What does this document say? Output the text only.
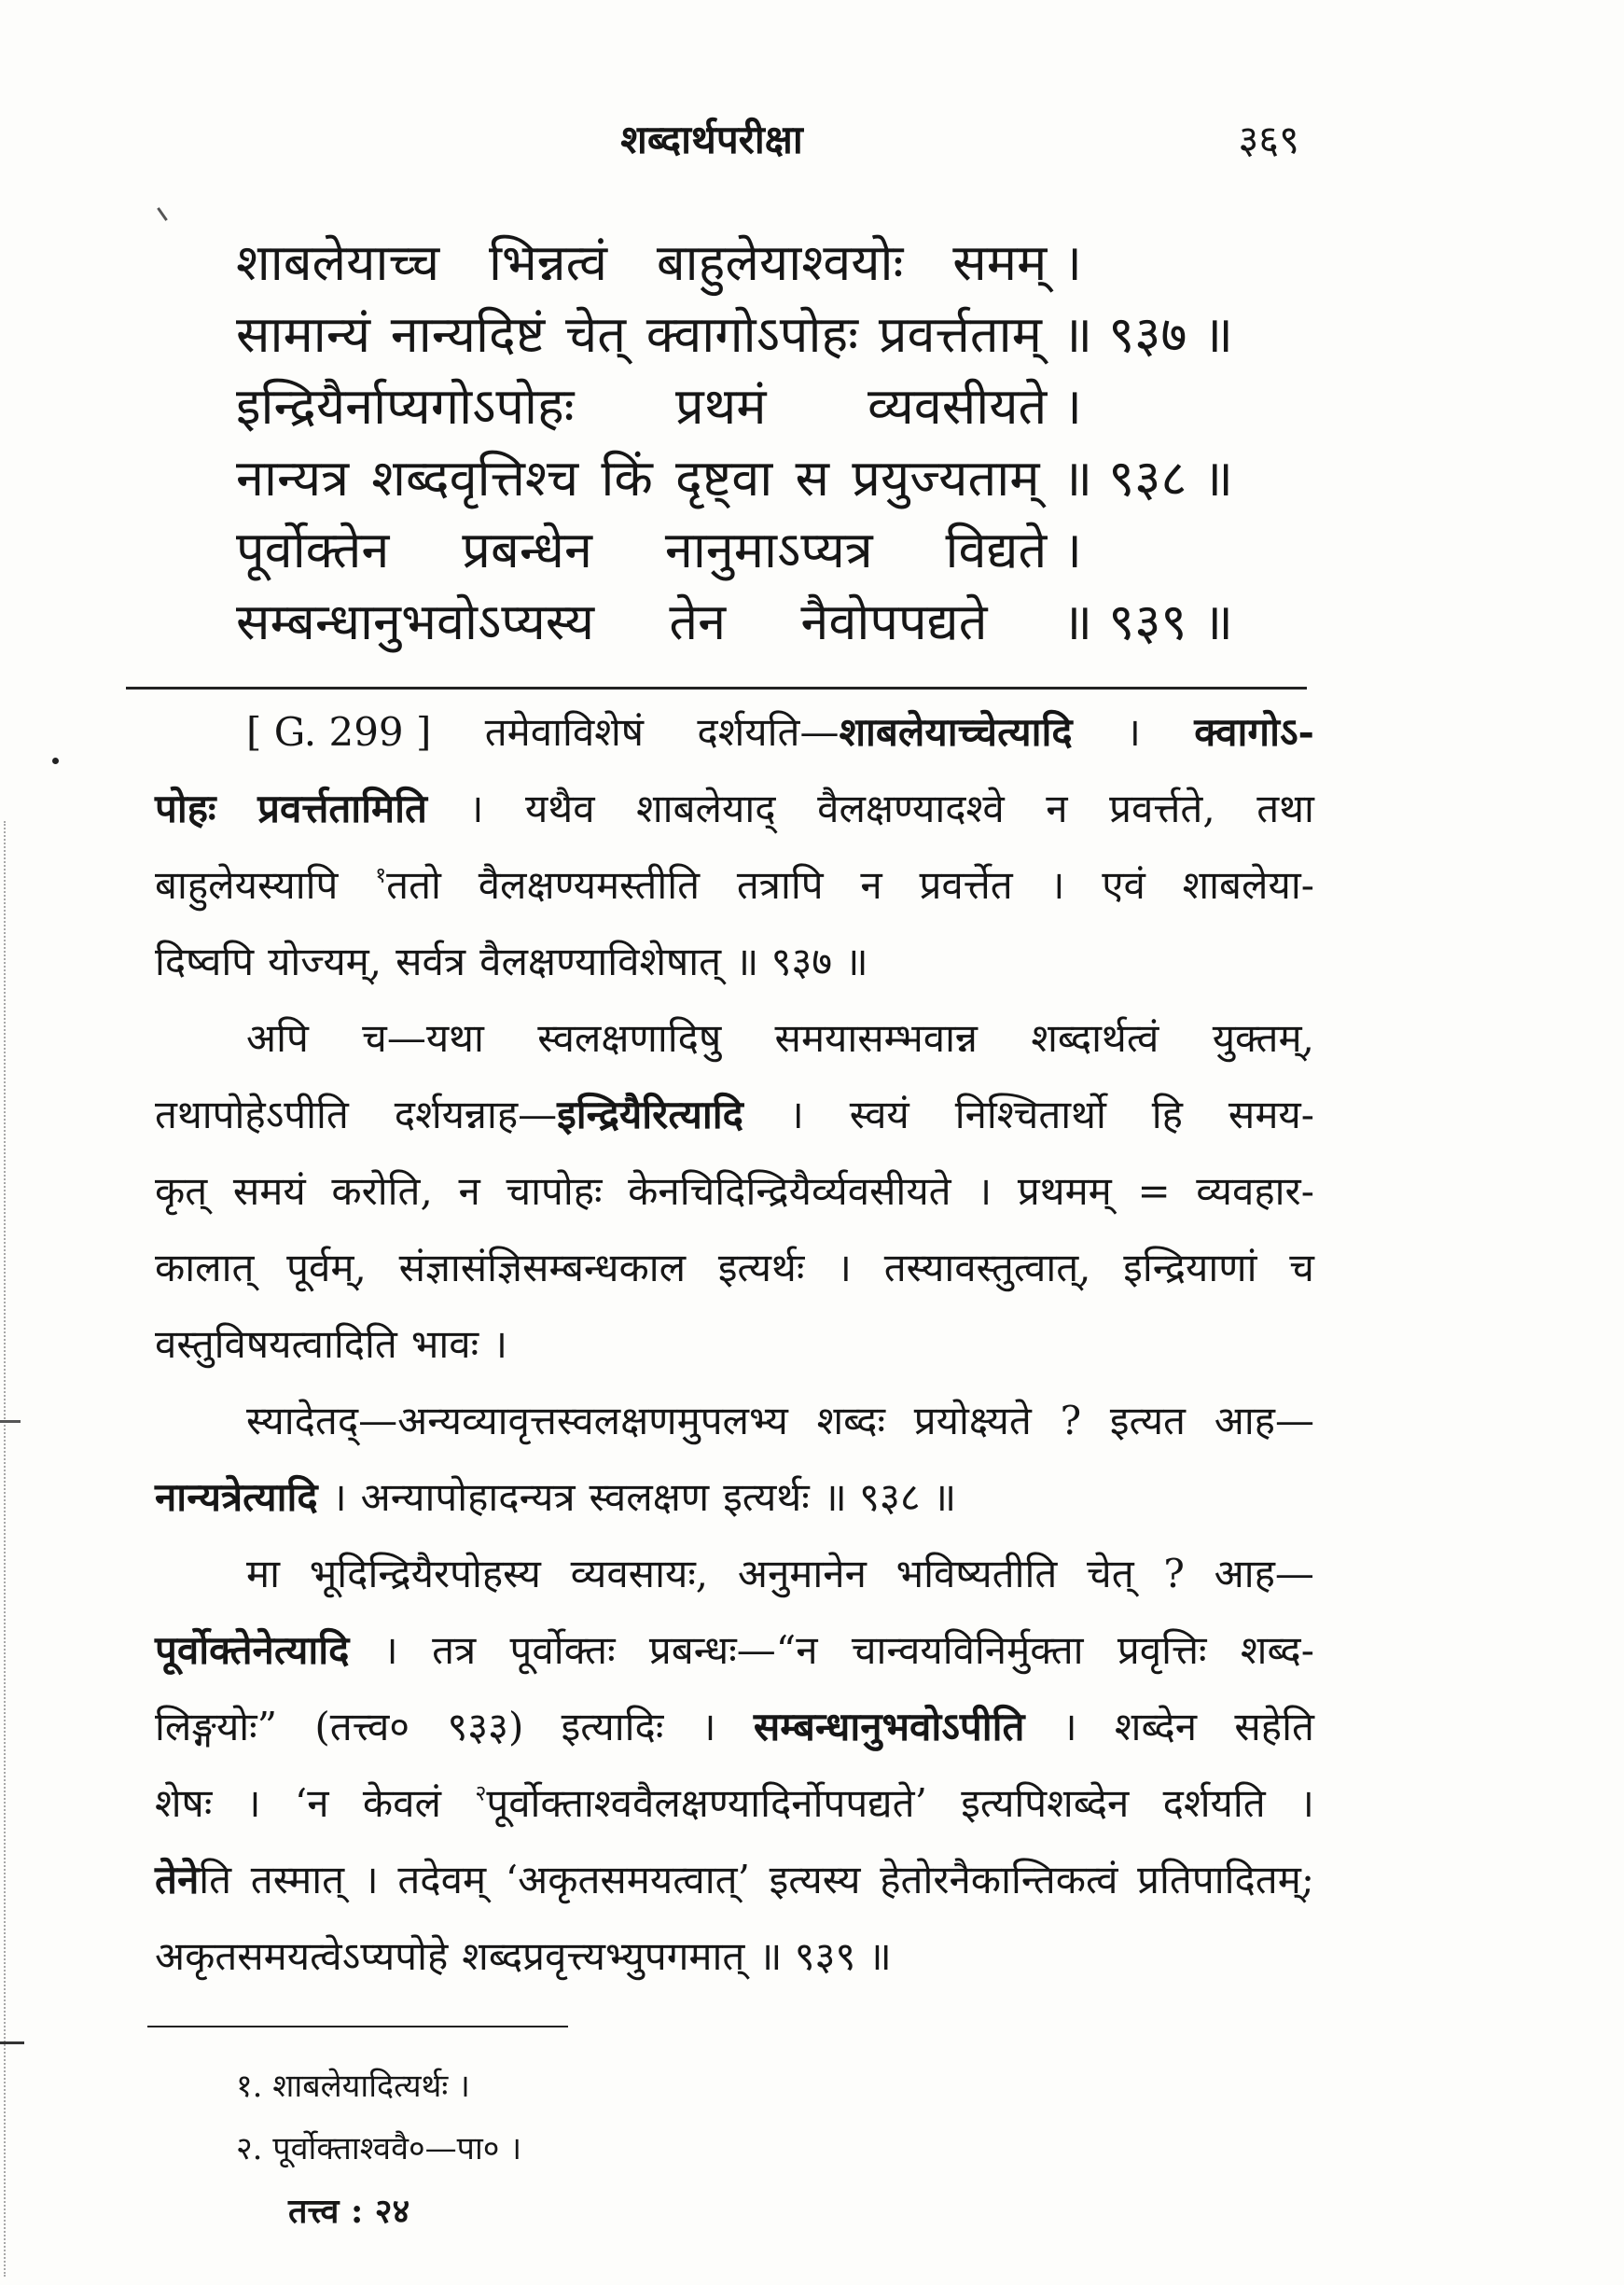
शब्दार्थपरीक्षा	३६९
शाबलेयाच्च भिन्नत्वं बाहुलेयाश्वयोः समम् ।
सामान्यं नान्यदिष्टं चेत् क्वागोऽपोहः प्रवर्त्तताम् ॥ ९३७ ॥
इन्द्रियैर्नाप्यगोऽपोहः प्रथमं व्यवसीयते ।
नान्यत्र शब्दवृत्तिश्च किं दृष्ट्वा स प्रयुज्यताम् ॥ ९३८ ॥
पूर्वोक्तेन प्रबन्धेन नानुमाऽप्यत्र विद्यते ।
सम्बन्धानुभवोऽप्यस्य तेन नैवोपपद्यते ॥ ९३९ ॥
[ G. 299 ] तमेवाविशेषं दर्शयति—शाबलेयाच्चेत्यादि । क्वागोऽ-
पोहः प्रवर्त्ततामिति । यथैव शाबलेयाद् वैलक्षण्यादश्वे न प्रवर्त्तते, तथा
बाहुलेयस्यापि $^१$ततो वैलक्षण्यमस्तीति तत्रापि न प्रवर्त्तेत । एवं शाबलेया-
दिष्वपि योज्यम्, सर्वत्र वैलक्षण्याविशेषात् ॥ ९३७ ॥
अपि च—यथा स्वलक्षणादिषु समयासम्भवान्न शब्दार्थत्वं युक्तम्,
तथापोहेऽपीति दर्शयन्नाह—इन्द्रियैरित्यादि । स्वयं निश्चितार्थो हि समय-
कृत् समयं करोति, न चापोहः केनचिदिन्द्रियैर्व्यवसीयते । प्रथमम् = व्यवहार-
कालात् पूर्वम्, संज्ञासंज्ञिसम्बन्धकाल इत्यर्थः । तस्यावस्तुत्वात्, इन्द्रियाणां च
वस्तुविषयत्वादिति भावः ।
स्यादेतद्—अन्यव्यावृत्तस्वलक्षणमुपलभ्य शब्दः प्रयोक्ष्यते ? इत्यत आह—
नान्यत्रेत्यादि । अन्यापोहादन्यत्र स्वलक्षण इत्यर्थः ॥ ९३८ ॥
मा भूदिन्द्रियैरपोहस्य व्यवसायः, अनुमानेन भविष्यतीति चेत् ? आह—
पूर्वोक्तेनेत्यादि । तत्र पूर्वोक्तः प्रबन्धः—“न चान्वयविनिर्मुक्ता प्रवृत्तिः शब्द-
लिङ्गयोः” (तत्त्व० ९३३) इत्यादिः । सम्बन्धानुभवोऽपीति । शब्देन सहेति
शेषः । ‘न केवलं $^२$पूर्वोक्ताश्ववैलक्षण्यादिर्नोपपद्यते’ इत्यपिशब्देन दर्शयति ।
तेनेति तस्मात् । तदेवम् ‘अकृतसमयत्वात्’ इत्यस्य हेतोरनैकान्तिकत्वं प्रतिपादितम्;
अकृतसमयत्वेऽप्यपोहे शब्दप्रवृत्त्यभ्युपगमात् ॥ ९३९ ॥
१. शाबलेयादित्यर्थः ।
२. पूर्वोक्ताश्ववै०—पा० ।
तत्त्व : २४
